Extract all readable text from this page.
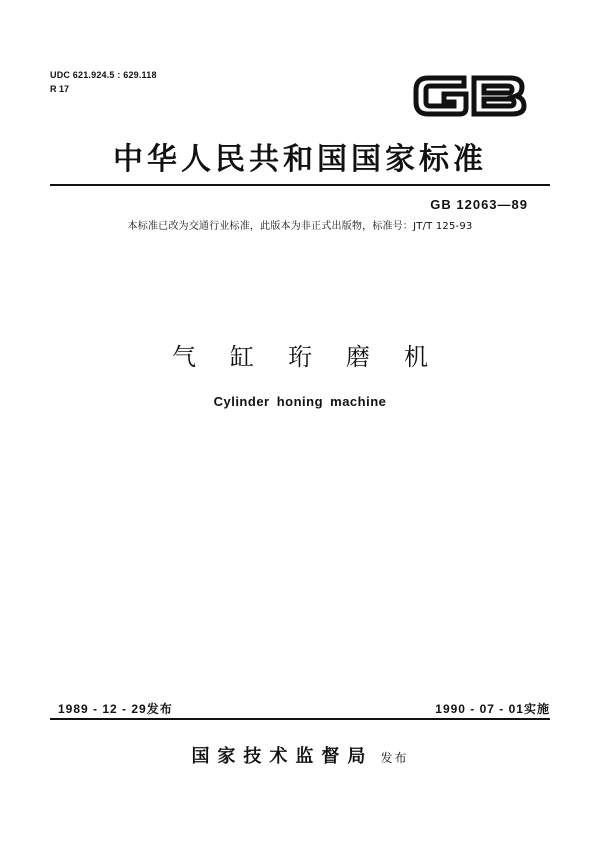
UDC 621.924.5 : 629.118
R 17
GB
中华人民共和国国家标准
GB 12063—89
本标准已改为交通行业标准，此版本为非正式出版物，标准号：JT/T 125-93
气缸珩磨机
Cylinder honing machine
1989 - 12 - 29发布	1990 - 07 - 01实施
国家技术监督局 发布
